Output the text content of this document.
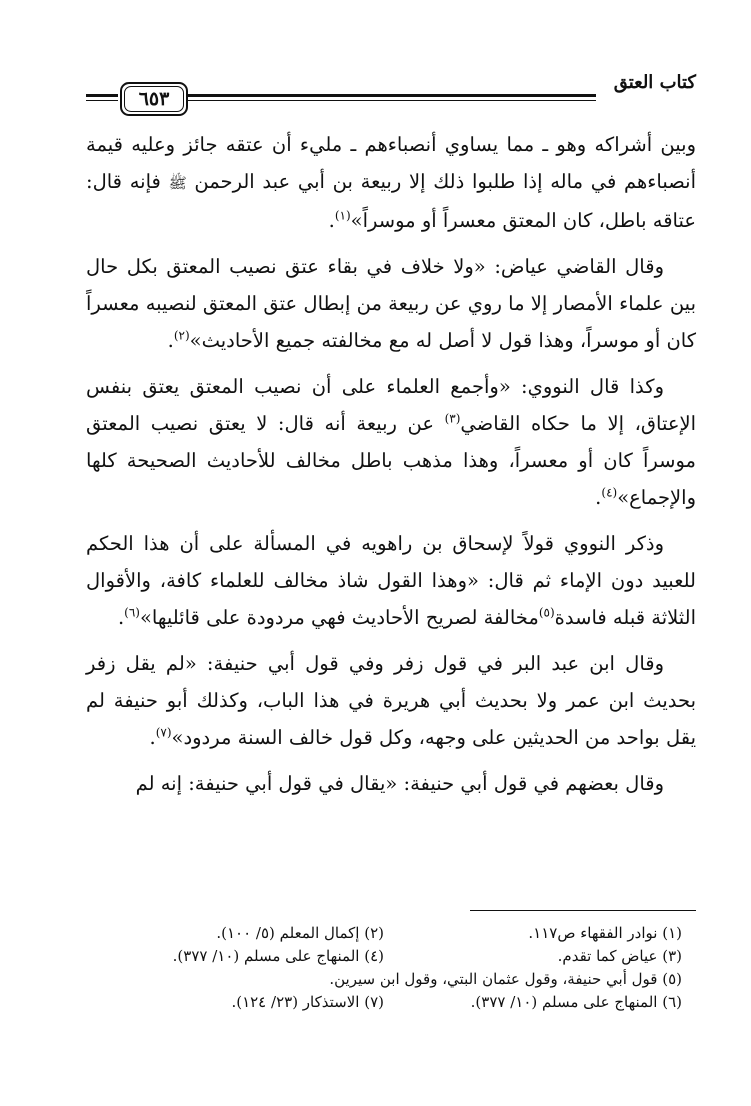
كتاب العتق
٦٥٣

وبين أشراكه وهو ـ مما يساوي أنصباءهم ـ مليء أن عتقه جائز وعليه قيمة أنصباءهم في ماله إذا طلبوا ذلك إلا ربيعة بن أبي عبد الرحمن ﷺ فإنه قال: عتاقه باطل، كان المعتق معسراً أو موسراً»$^{(١)}$.

وقال القاضي عياض: «ولا خلاف في بقاء عتق نصيب المعتق بكل حال بين علماء الأمصار إلا ما روي عن ربيعة من إبطال عتق المعتق لنصيبه معسراً كان أو موسراً، وهذا قول لا أصل له مع مخالفته جميع الأحاديث»$^{(٢)}$.

وكذا قال النووي: «وأجمع العلماء على أن نصيب المعتق يعتق بنفس الإعتاق، إلا ما حكاه القاضي$^{(٣)}$ عن ربيعة أنه قال: لا يعتق نصيب المعتق موسراً كان أو معسراً، وهذا مذهب باطل مخالف للأحاديث الصحيحة كلها والإجماع»$^{(٤)}$.

وذكر النووي قولاً لإسحاق بن راهويه في المسألة على أن هذا الحكم للعبيد دون الإماء ثم قال: «وهذا القول شاذ مخالف للعلماء كافة، والأقوال الثلاثة قبله فاسدة$^{(٥)}$مخالفة لصريح الأحاديث فهي مردودة على قائليها»$^{(٦)}$.

وقال ابن عبد البر في قول زفر وفي قول أبي حنيفة: «لم يقل زفر بحديث ابن عمر ولا بحديث أبي هريرة في هذا الباب، وكذلك أبو حنيفة لم يقل بواحد من الحديثين على وجهه، وكل قول خالف السنة مردود»$^{(٧)}$.

وقال بعضهم في قول أبي حنيفة: «يقال في قول أبي حنيفة: إنه لم

(١) نوادر الفقهاء ص١١٧.
(٢) إكمال المعلم (٥/ ١٠٠).
(٣) عياض كما تقدم.
(٤) المنهاج على مسلم (١٠/ ٣٧٧).
(٥) قول أبي حنيفة، وقول عثمان البتي، وقول ابن سيرين.
(٦) المنهاج على مسلم (١٠/ ٣٧٧).
(٧) الاستذكار (٢٣/ ١٢٤).
